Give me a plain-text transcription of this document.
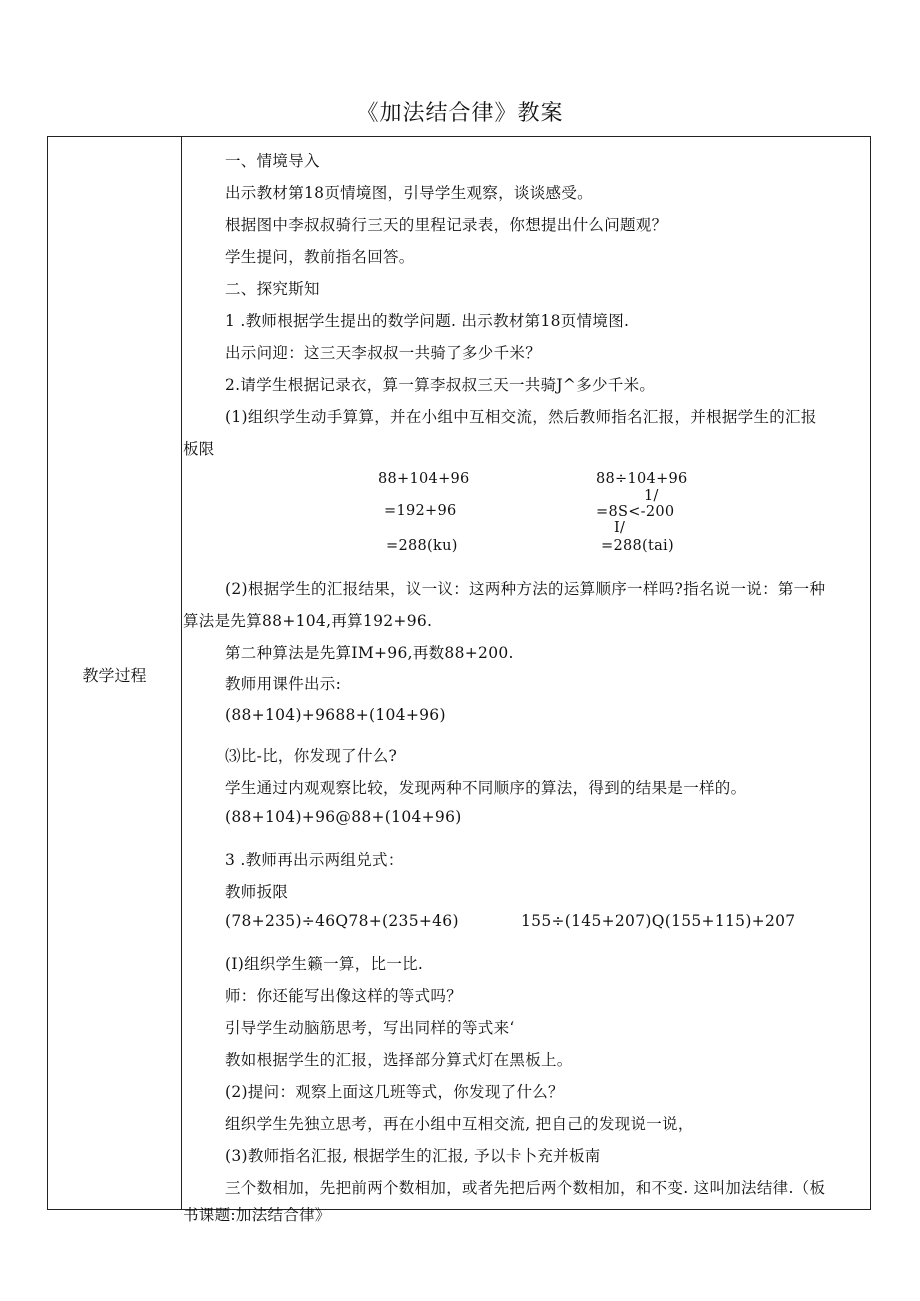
《加法结合律》教案
教学过程
一、情境导入
出示教材第18页情境图，引导学生观察，谈谈感受。
根据图中李叔叔骑行三天的里程记录表，你想提出什么问题观？
学生提问，教前指名回答。
二、探究斯知
1 .教师根据学生提出的数学问题. 出示教材第18页情境图.
出示问迎：这三天李叔叔一共骑了多少千米？
2.请学生根据记录衣，算一算李叔叔三天一共骑J^多少千米。
(1)组织学生动手算算，并在小组中互相交流，然后教师指名汇报，并根据学生的汇报
板限
88+104+96
=192+96
=288(ku)
88÷104+96
1/
=8S<-200
I/
=288(tai)
(2)根据学生的汇报结果，议一议：这两种方法的运算顺序一样吗?指名说一说：第一种
算法是先算88+104,再算192+96.
第二种算法是先算IM+96,再数88+200.
教师用课件出示:
(88+104)+9688+(104+96)
⑶比-比，你发现了什么?
学生通过内观观察比较，发现两种不同顺序的算法，得到的结果是一样的。
(88+104)+96@88+(104+96)
3 .教师再出示两组兑式：
教师扳限
(78+235)÷46Q78+(235+46)	155÷(145+207)Q(155+115)+207
(I)组织学生籁一算，比一比.
师：你还能写出像这样的等式吗？
引导学生动脑筋思考，写出同样的等式来‘
教如根据学生的汇报，选择部分算式灯在黑板上。
(2)提问：观察上面这几班等式，你发现了什么？
组织学生先独立思考，再在小组中互相交流, 把自己的发现说一说，
(3)教师指名汇报, 根据学生的汇报, 予以卡卜充并板南
三个数相加，先把前两个数相加，或者先把后两个数相加，和不变. 这叫加法结律.（板
书课题:加法结合律》
